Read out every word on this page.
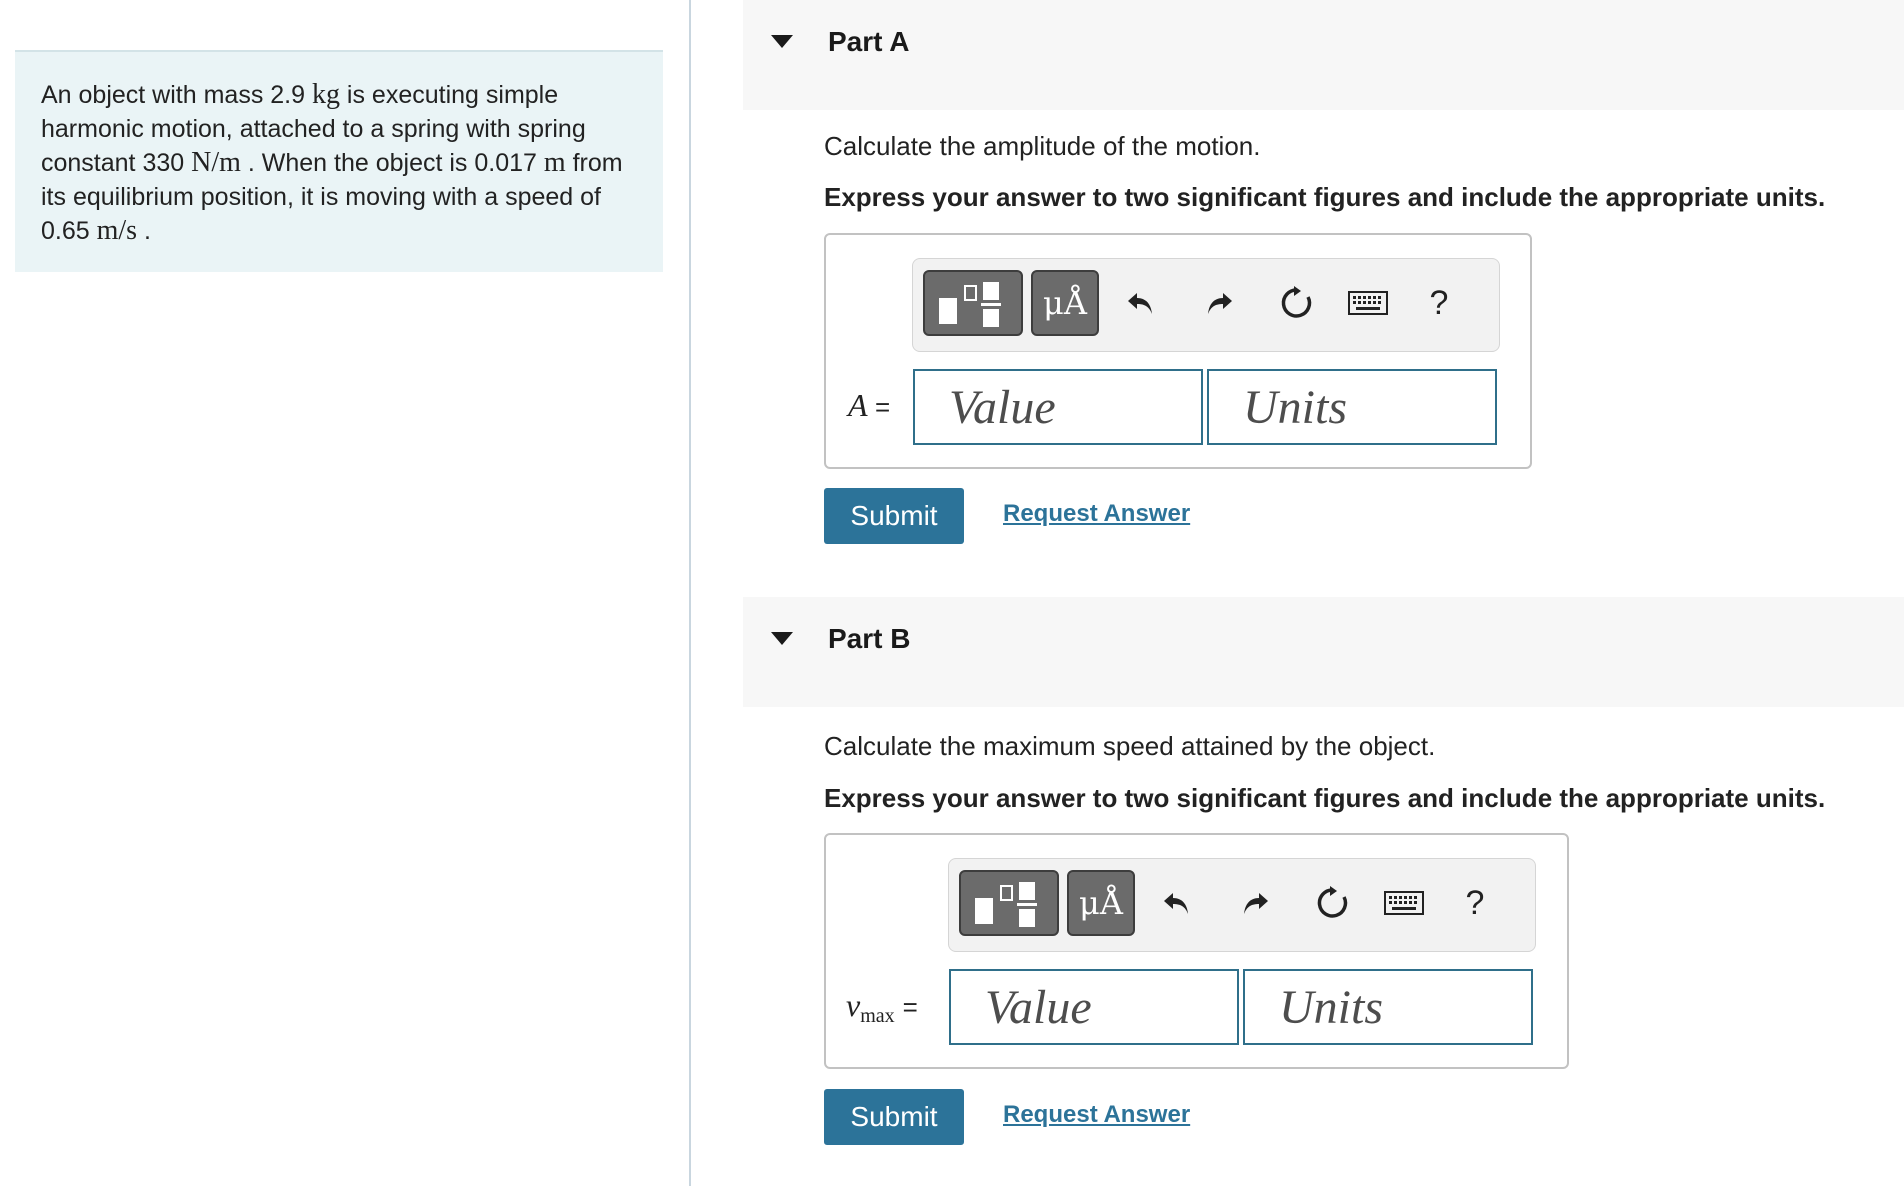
An object with mass 2.9 kg is executing simple harmonic motion, attached to a spring with spring constant 330 N/m . When the object is 0.017 m from its equilibrium position, it is moving with a speed of 0.65 m/s .
Part A
Calculate the amplitude of the motion.
Express your answer to two significant figures and include the appropriate units.
μÅ	?
A =
Value
Units
Submit	Request Answer
Part B
Calculate the maximum speed attained by the object.
Express your answer to two significant figures and include the appropriate units.
μÅ	?
$v_{max}$ =
Value
Units
Submit	Request Answer
